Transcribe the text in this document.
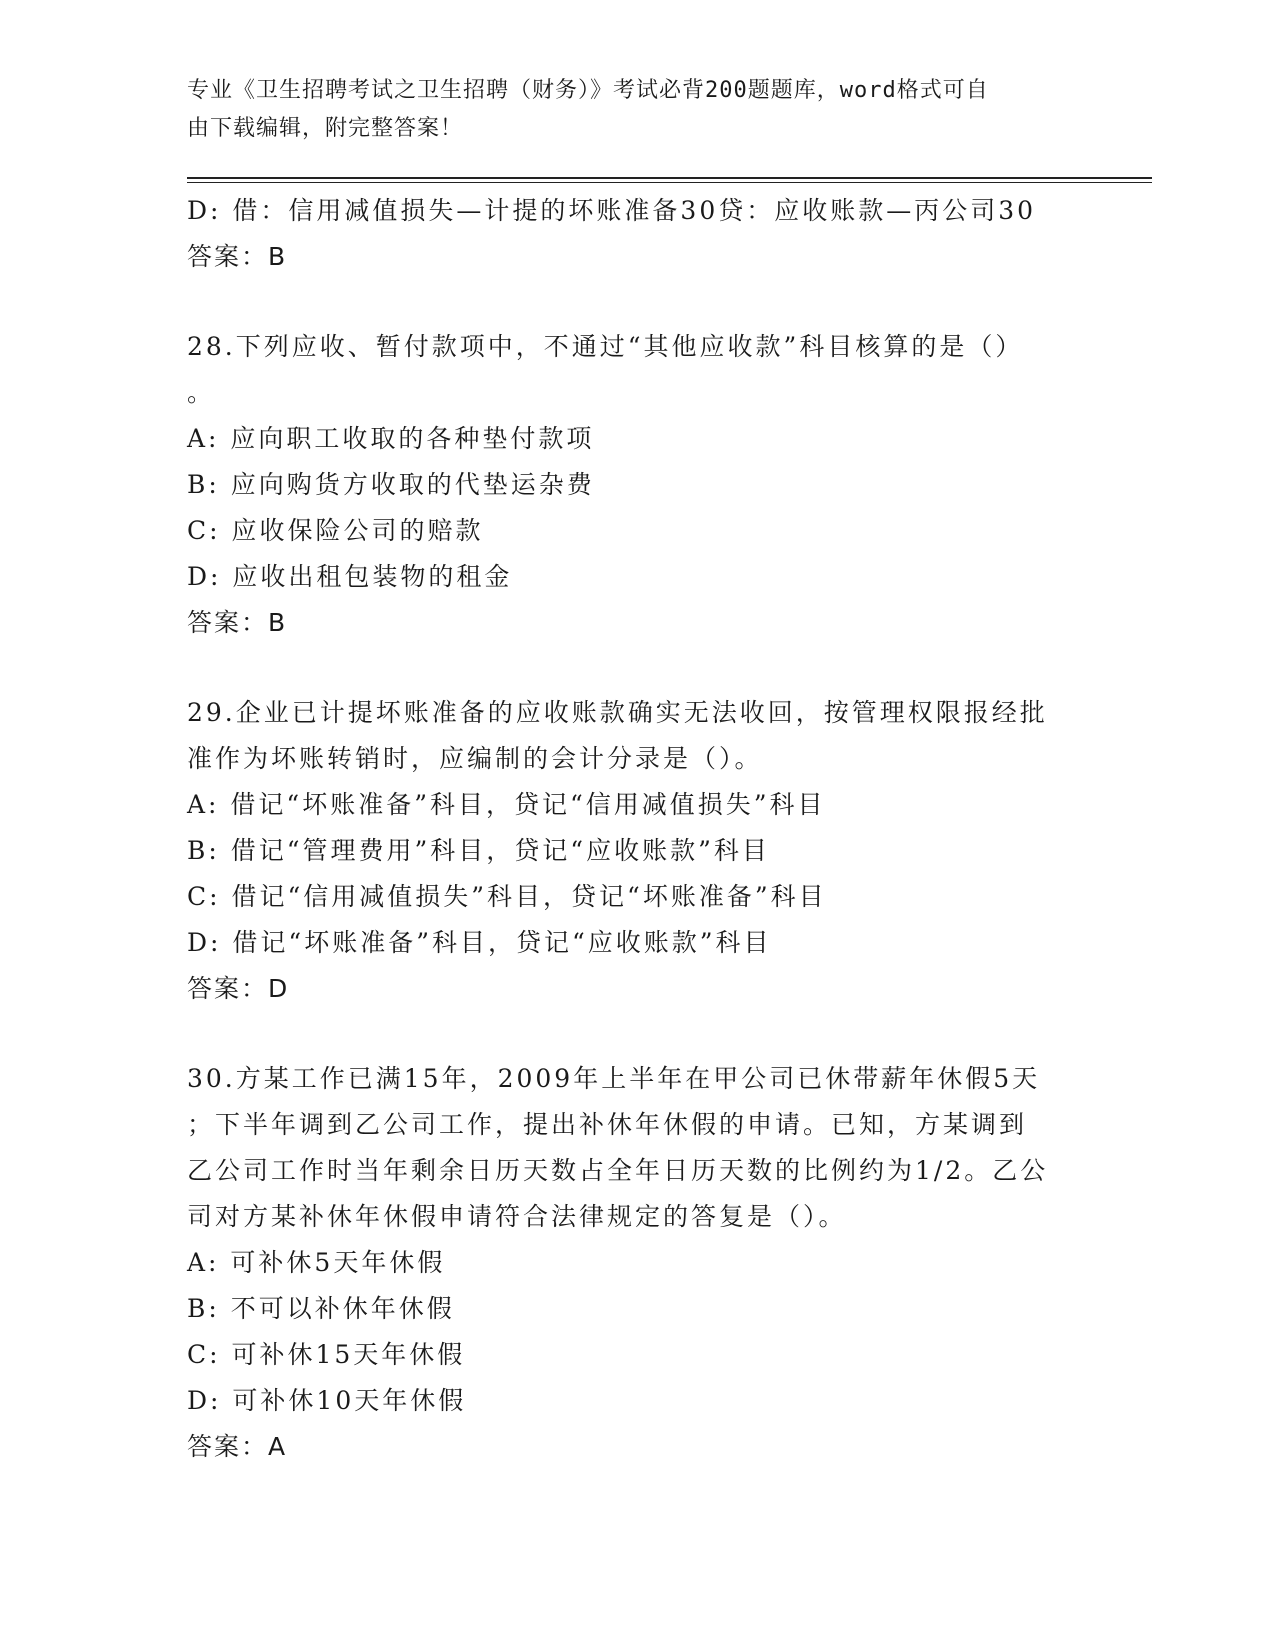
专业《卫生招聘考试之卫生招聘（财务）》考试必背200题题库，word格式可自
由下载编辑，附完整答案！
D: 借：信用减值损失—计提的坏账准备30贷：应收账款—丙公司30
答案：B
28.下列应收、暂付款项中，不通过“其他应收款”科目核算的是（）
。
A: 应向职工收取的各种垫付款项
B: 应向购货方收取的代垫运杂费
C: 应收保险公司的赔款
D: 应收出租包装物的租金
答案：B
29.企业已计提坏账准备的应收账款确实无法收回，按管理权限报经批
准作为坏账转销时，应编制的会计分录是（）。
A: 借记“坏账准备”科目，贷记“信用减值损失”科目
B: 借记“管理费用”科目，贷记“应收账款”科目
C: 借记“信用减值损失”科目，贷记“坏账准备”科目
D: 借记“坏账准备”科目，贷记“应收账款”科目
答案：D
30.方某工作已满15年，2009年上半年在甲公司已休带薪年休假5天
；下半年调到乙公司工作，提出补休年休假的申请。已知，方某调到
乙公司工作时当年剩余日历天数占全年日历天数的比例约为1/2。乙公
司对方某补休年休假申请符合法律规定的答复是（）。
A: 可补休5天年休假
B: 不可以补休年休假
C: 可补休15天年休假
D: 可补休10天年休假
答案：A
